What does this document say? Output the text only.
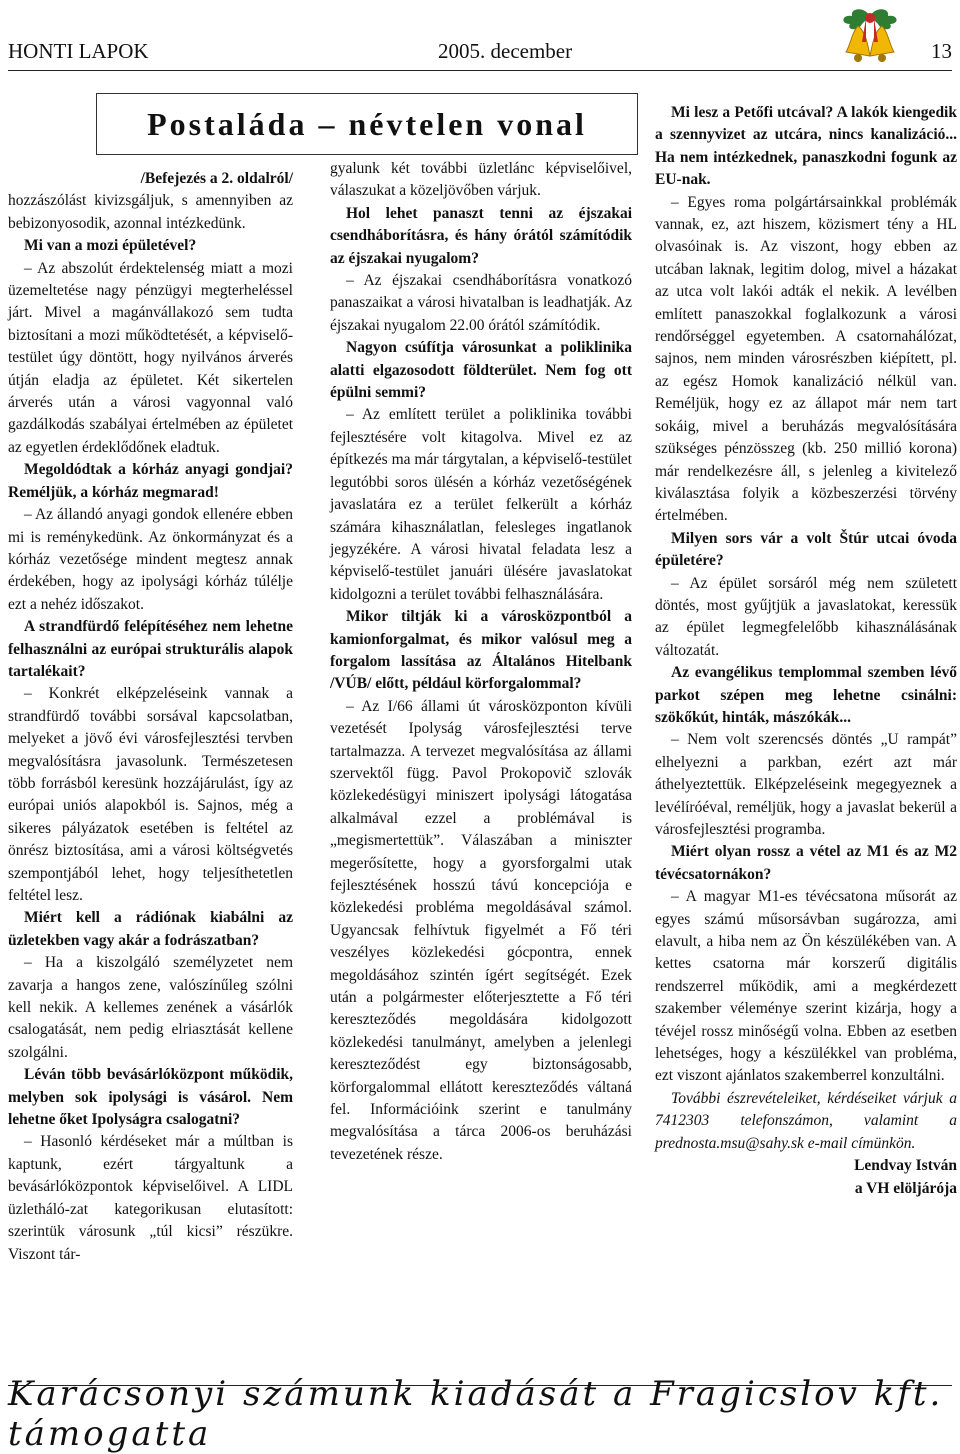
HONTI LAPOK	2005. december	13
Postaláda – névtelen vonal

/Befejezés a 2. oldalról/

hozzászólást kivizsgáljuk, s amennyiben az bebizonyosodik, azonnal intézkedünk.

Mi van a mozi épületével?

– Az abszolút érdektelenség miatt a mozi üzemeltetése nagy pénzügyi megterheléssel járt. Mivel a magánvállakozó sem tudta biztosítani a mozi működtetését, a képviselő-testület úgy döntött, hogy nyilvános árverés útján eladja az épületet. Két sikertelen árverés után a városi vagyonnal való gazdálkodás szabályai értelmében az épületet az egyetlen érdeklődőnek eladtuk.

Megoldódtak a kórház anyagi gondjai? Reméljük, a kórház megmarad!

– Az állandó anyagi gondok ellenére ebben mi is reménykedünk. Az önkormányzat és a kórház vezetősége mindent megtesz annak érdekében, hogy az ipolysági kórház túlélje ezt a nehéz időszakot.

A strandfürdő felépítéséhez nem lehetne felhasználni az európai strukturális alapok tartalékait?

– Konkrét elképzeléseink vannak a strandfürdő további sorsával kapcsolatban, melyeket a jövő évi városfejlesztési tervben megvalósításra javasolunk. Természetesen több forrásból keresünk hozzájárulást, így az európai uniós alapokból is. Sajnos, még a sikeres pályázatok esetében is feltétel az önrész biztosítása, ami a városi költségvetés szempontjából lehet, hogy teljesíthetetlen feltétel lesz.

Miért kell a rádiónak kiabálni az üzletekben vagy akár a fodrászatban?

– Ha a kiszolgáló személyzetet nem zavarja a hangos zene, valószínűleg szólni kell nekik. A kellemes zenének a vásárlók csalogatását, nem pedig elriasztását kellene szolgálni.

Léván több bevásárlóközpont működik, melyben sok ipolysági is vásárol. Nem lehetne őket Ipolyságra csalogatni?

– Hasonló kérdéseket már a múltban is kaptunk, ezért tárgyaltunk a bevásárlóközpontok képviselőivel. A LIDL üzletháló-zat kategorikusan elutasított: szerintük városunk „túl kicsi” részükre. Viszont tár-

gyalunk két további üzletlánc képviselőivel, válaszukat a közeljövőben várjuk.

Hol lehet panaszt tenni az éjszakai csendháborításra, és hány órától számítódik az éjszakai nyugalom?

– Az éjszakai csendháborításra vonatkozó panaszaikat a városi hivatalban is leadhatják. Az éjszakai nyugalom 22.00 órától számítódik.

Nagyon csúfítja városunkat a poliklinika alatti elgazosodott földterület. Nem fog ott épülni semmi?

– Az említett terület a poliklinika további fejlesztésére volt kitagolva. Mivel ez az építkezés ma már tárgytalan, a képviselő-testület legutóbbi soros ülésén a kórház vezetőségének javaslatára ez a terület felkerült a kórház számára kihasználatlan, felesleges ingatlanok jegyzékére. A városi hivatal feladata lesz a képviselő-testület januári ülésére javaslatokat kidolgozni a terület további felhasználására.

Mikor tiltják ki a városközpontból a kamionforgalmat, és mikor valósul meg a forgalom lassítása az Általános Hitelbank /VÚB/ előtt, például körforgalommal?

– Az I/66 állami út városközponton kívüli vezetését Ipolyság városfejlesztési terve tartalmazza. A tervezet megvalósítása az állami szervektől függ. Pavol Prokopovič szlovák közlekedésügyi miniszert ipolysági látogatása alkalmával ezzel a problémával is „megismertettük”. Válaszában a miniszter megerősítette, hogy a gyorsforgalmi utak fejlesztésének hosszú távú koncepciója e közlekedési probléma megoldásával számol. Ugyancsak felhívtuk figyelmét a Fő téri veszélyes közlekedési gócpontra, ennek megoldásához szintén ígért segítségét. Ezek után a polgármester előterjesztette a Fő téri kereszteződés megoldására kidolgozott közlekedési tanulmányt, amelyben a jelenlegi kereszteződést egy biztonságosabb, körforgalommal ellátott kereszteződés váltaná fel. Információink szerint e tanulmány megvalósítása a tárca 2006-os beruházási tevezetének része.

Mi lesz a Petőfi utcával? A lakók kiengedik a szennyvizet az utcára, nincs kanalizáció... Ha nem intézkednek, panaszkodni fogunk az EU-nak.

– Egyes roma polgártársainkkal problémák vannak, ez, azt hiszem, közismert tény a HL olvasóinak is. Az viszont, hogy ebben az utcában laknak, legitim dolog, mivel a házakat az utca volt lakói adták el nekik. A levélben említett panaszokkal foglalkozunk a városi rendőrséggel egyetemben. A csatornahálózat, sajnos, nem minden városrészben kiépített, pl. az egész Homok kanalizáció nélkül van. Reméljük, hogy ez az állapot már nem tart sokáig, mivel a beruházás megvalósítására szükséges pénzösszeg (kb. 250 millió korona) már rendelkezésre áll, s jelenleg a kivitelező kiválasztása folyik a közbeszerzési törvény értelmében.

Milyen sors vár a volt Štúr utcai óvoda épületére?

– Az épület sorsáról még nem született döntés, most gyűjtjük a javaslatokat, keressük az épület legmegfelelőbb kihasználásának változatát.

Az evangélikus templommal szemben lévő parkot szépen meg lehetne csinálni: szökőkút, hinták, mászókák...

– Nem volt szerencsés döntés „U rampát” elhelyezni a parkban, ezért azt már áthelyeztettük. Elképzeléseink megegyeznek a levélíróéval, reméljük, hogy a javaslat bekerül a városfejlesztési programba.

Miért olyan rossz a vétel az M1 és az M2 tévécsatornákon?

– A magyar M1-es tévécsatona műsorát az egyes számú műsorsávban sugározza, ami elavult, a hiba nem az Ön készülékében van. A kettes csatorna már korszerű digitális rendszerrel működik, ami a megkérdezett szakember véleménye szerint kizárja, hogy a tévéjel rossz minőségű volna. Ebben az esetben lehetséges, hogy a készülékkel van probléma, ezt viszont ajánlatos szakemberrel konzultálni.

További észrevételeiket, kérdéseiket várjuk a 7412303 telefonszámon, valamint a prednosta.msu@sahy.sk e-mail címünkön.

Lendvay István

a VH elöljárója

Karácsonyi számunk kiadását a Fragicslov kft. támogatta
